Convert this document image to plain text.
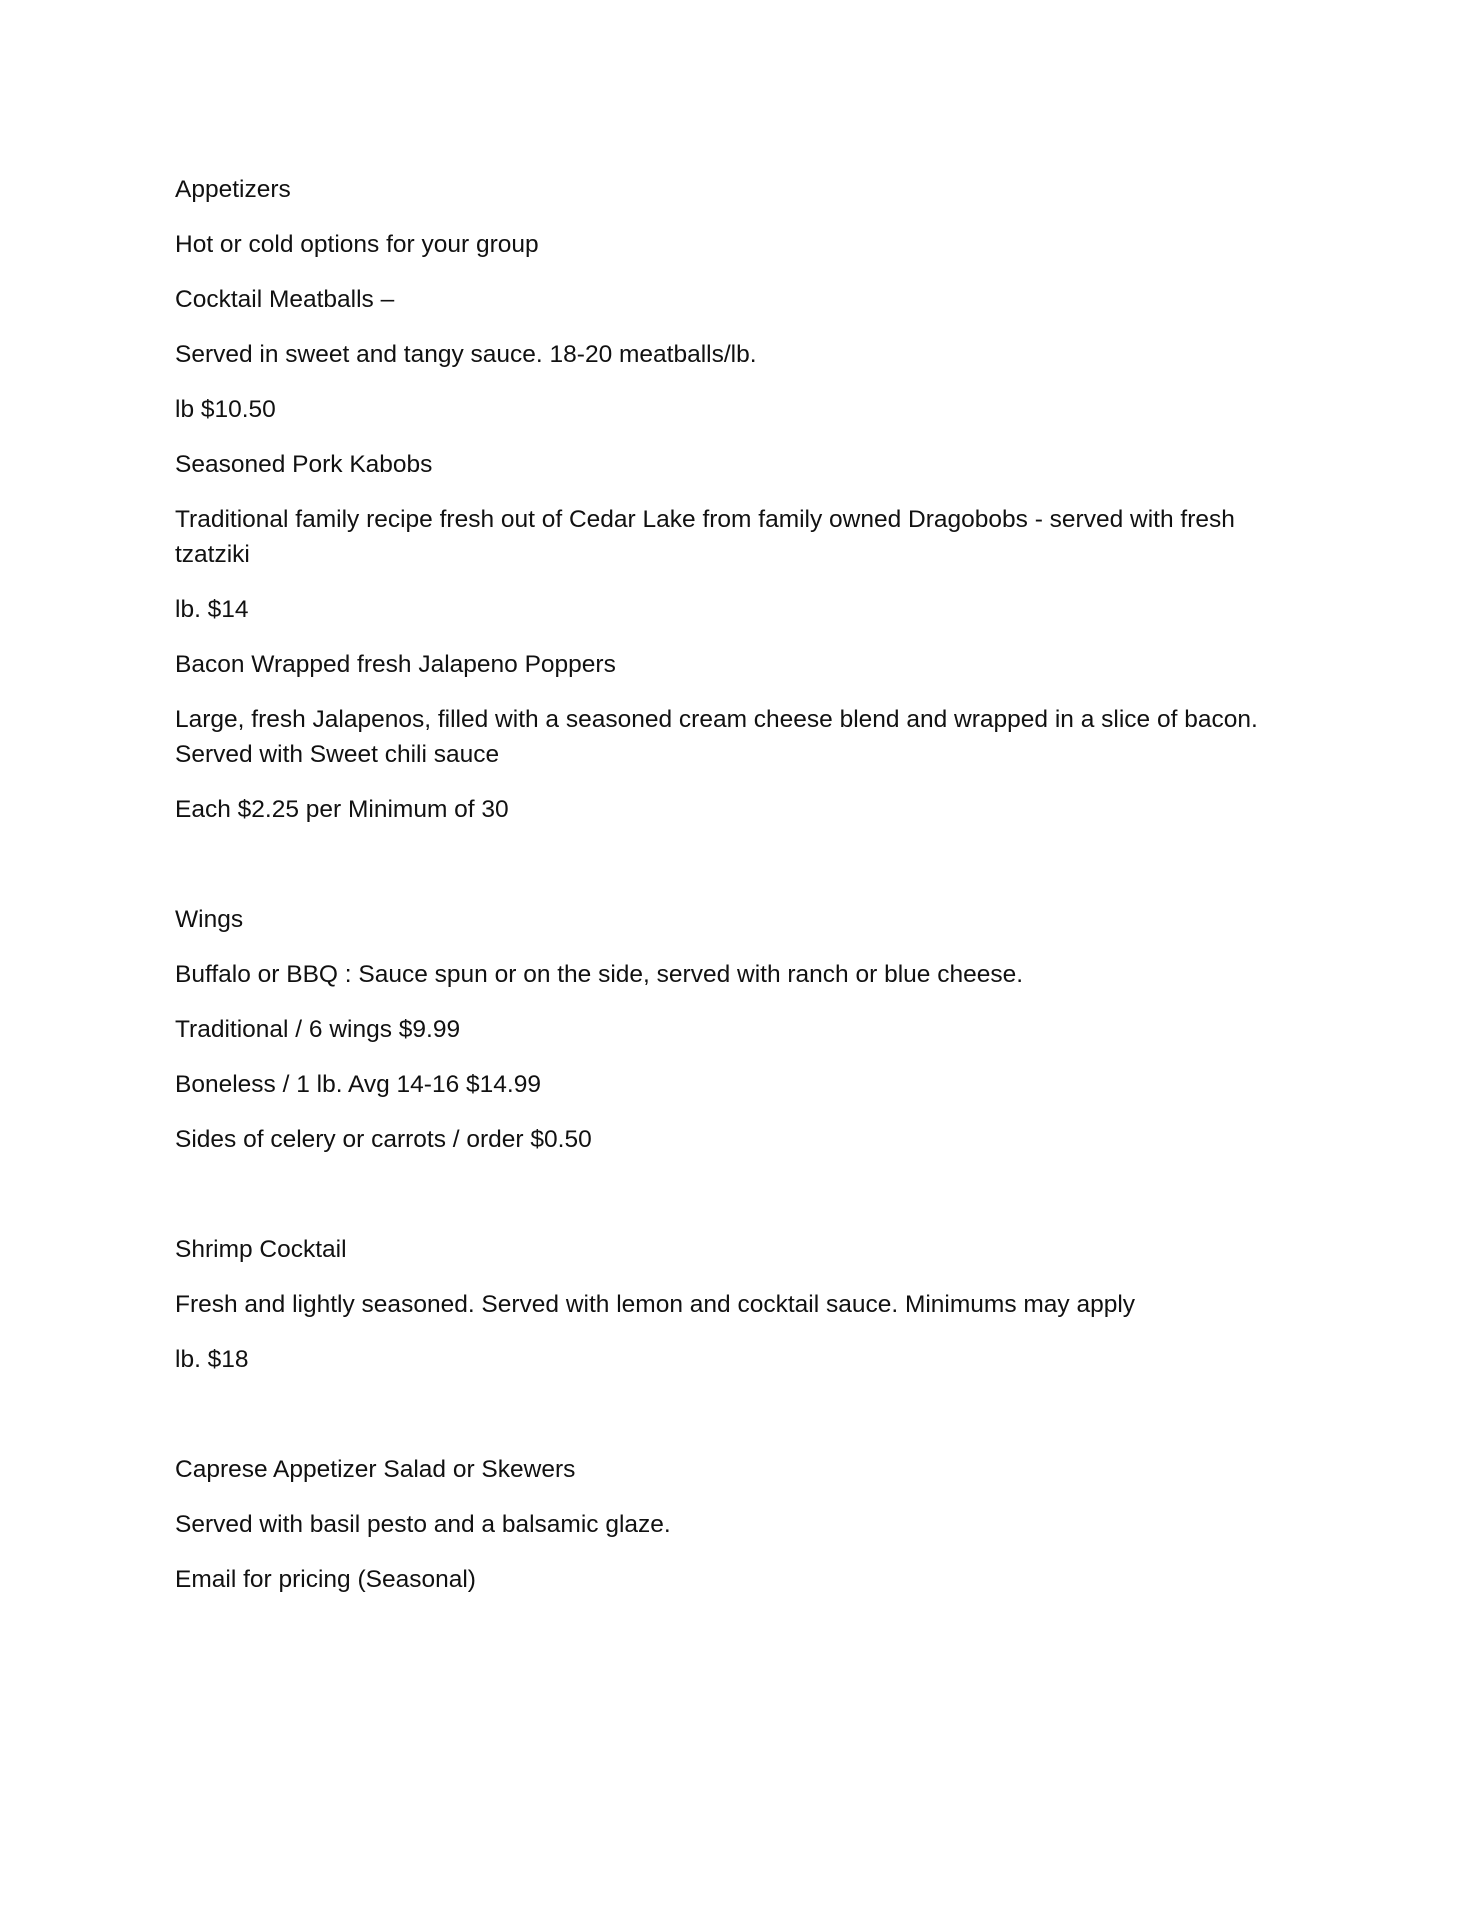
Appetizers

Hot or cold options for your group

Cocktail Meatballs –

Served in sweet and tangy sauce. 18-20 meatballs/lb.

lb $10.50

Seasoned Pork Kabobs

Traditional family recipe fresh out of Cedar Lake from family owned Dragobobs - served with fresh tzatziki

lb. $14

Bacon Wrapped fresh Jalapeno Poppers

Large, fresh Jalapenos, filled with a seasoned cream cheese blend and wrapped in a slice of bacon. Served with Sweet chili sauce

Each $2.25 per Minimum of 30

Wings

Buffalo or BBQ : Sauce spun or on the side, served with ranch or blue cheese.

Traditional / 6 wings $9.99

Boneless / 1 lb. Avg 14-16 $14.99

Sides of celery or carrots / order $0.50

Shrimp Cocktail

Fresh and lightly seasoned. Served with lemon and cocktail sauce. Minimums may apply

lb. $18

Caprese Appetizer Salad or Skewers

Served with basil pesto and a balsamic glaze.

Email for pricing (Seasonal)
